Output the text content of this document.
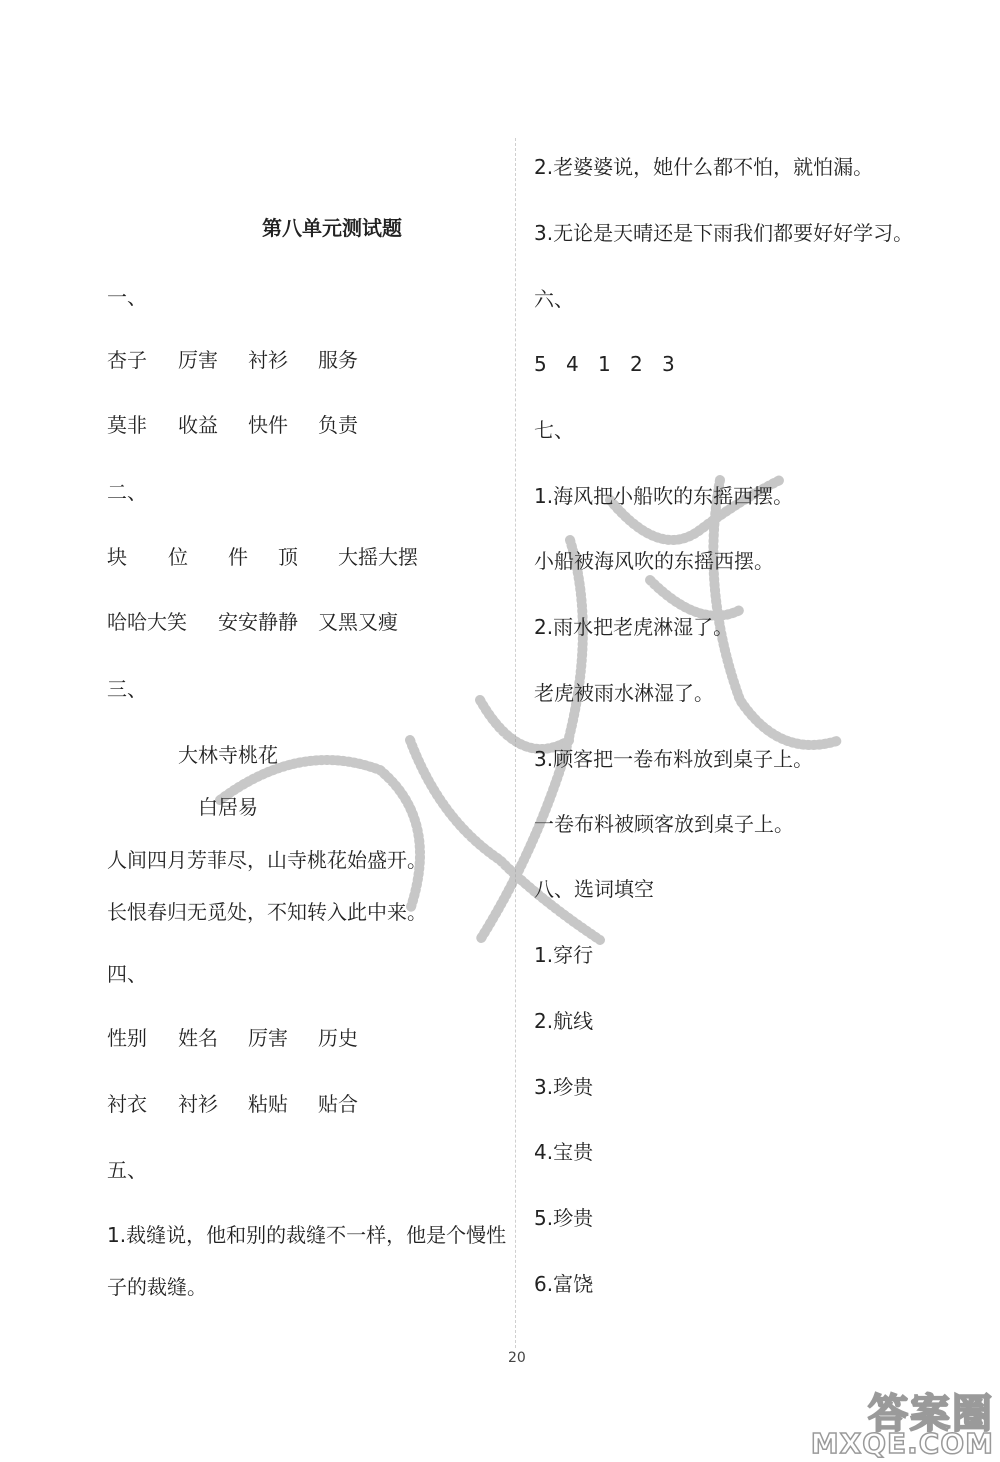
第八单元测试题
一、
杏子 厉害 衬衫 服务
莫非 收益 快件 负责
二、
块 位 件 顶 大摇大摆
哈哈大笑 安安静静 又黑又瘦
三、
大林寺桃花
白居易
人间四月芳菲尽，山寺桃花始盛开。
长恨春归无觅处，不知转入此中来。
四、
性别 姓名 厉害 历史
衬衣 衬衫 粘贴 贴合
五、
1.裁缝说，他和别的裁缝不一样，他是个慢性
子的裁缝。
2.老婆婆说，她什么都不怕，就怕漏。
3.无论是天晴还是下雨我们都要好好学习。
六、
5 4 1 2 3
七、
1.海风把小船吹的东摇西摆。
小船被海风吹的东摇西摆。
2.雨水把老虎淋湿了。
老虎被雨水淋湿了。
3.顾客把一卷布料放到桌子上。
一卷布料被顾客放到桌子上。
八、选词填空
1.穿行
2.航线
3.珍贵
4.宝贵
5.珍贵
6.富饶
20
答案圈
MXQE.COM
